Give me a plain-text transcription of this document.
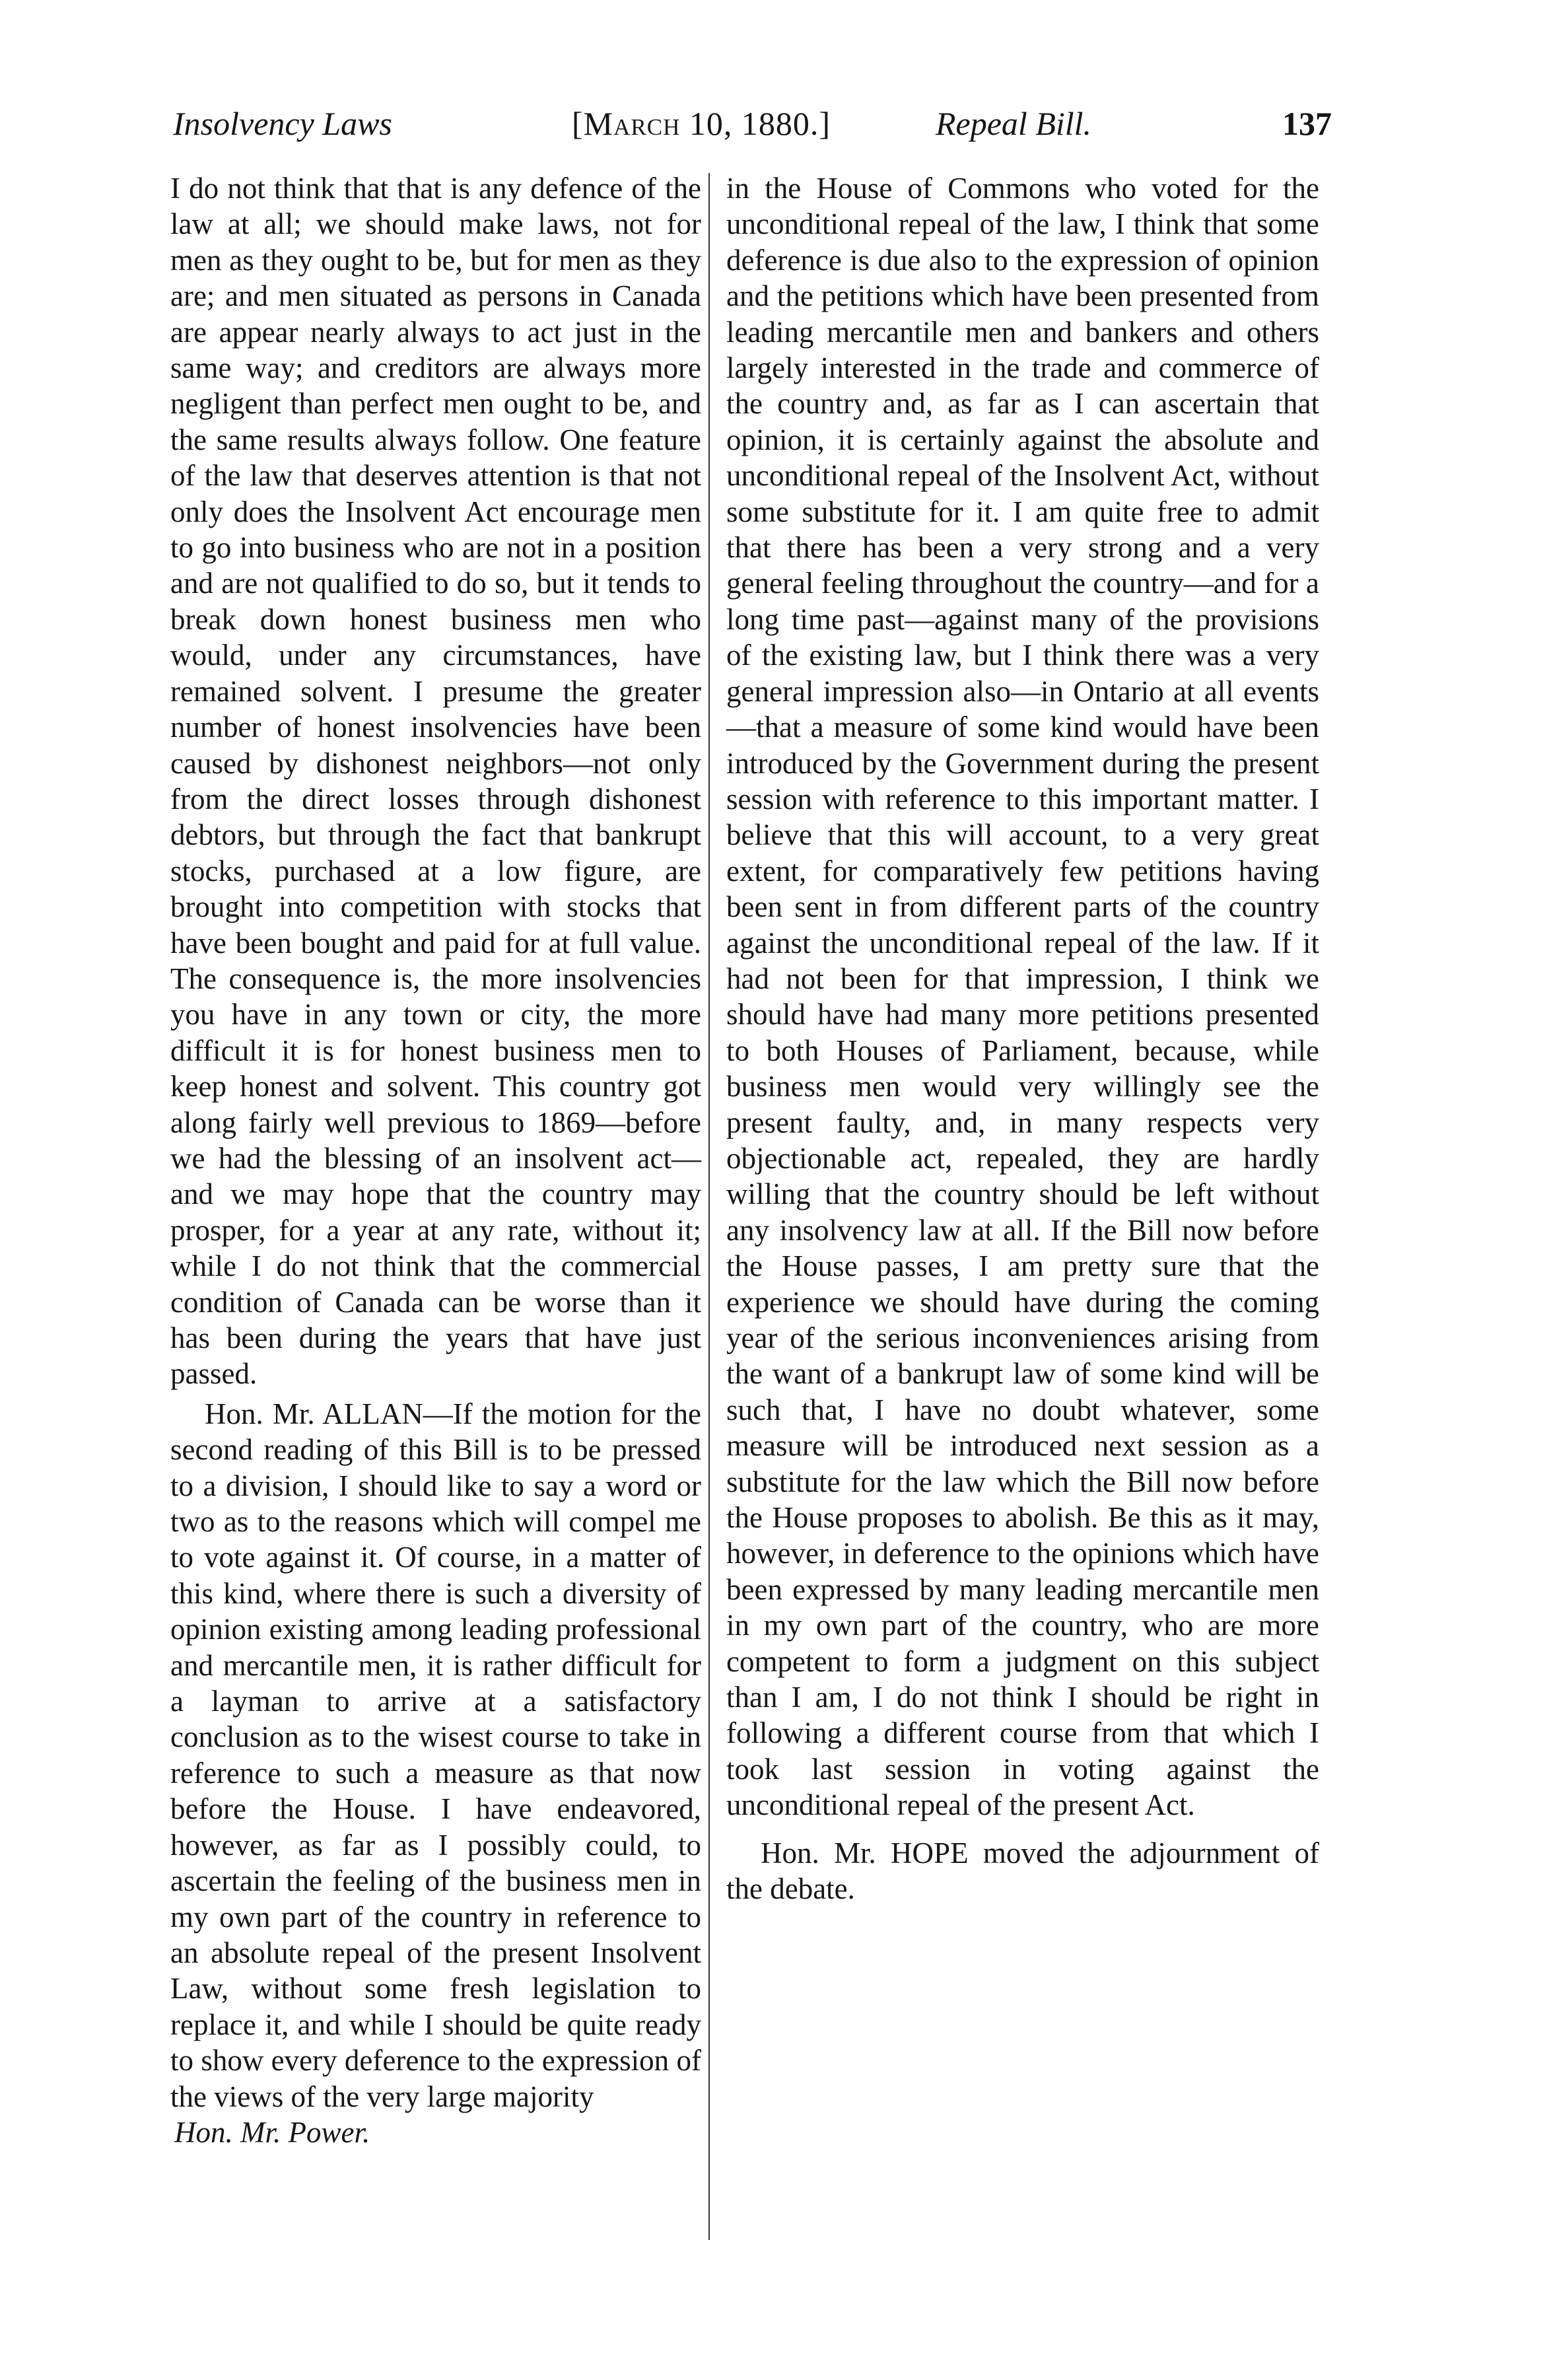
Insolvency Laws	[March 10, 1880.]	Repeal Bill.	137

I do not think that that is any defence of the law at all; we should make laws, not for men as they ought to be, but for men as they are; and men situated as persons in Canada are appear nearly always to act just in the same way; and creditors are always more negligent than perfect men ought to be, and the same results always follow. One feature of the law that deserves attention is that not only does the Insolvent Act encourage men to go into business who are not in a position and are not qualified to do so, but it tends to break down honest business men who would, under any circumstances, have remained solvent. I presume the greater number of honest insolvencies have been caused by dishonest neighbors—not only from the direct losses through dishonest debtors, but through the fact that bankrupt stocks, purchased at a low figure, are brought into competition with stocks that have been bought and paid for at full value. The consequence is, the more insolvencies you have in any town or city, the more difficult it is for honest business men to keep honest and solvent. This country got along fairly well previous to 1869—before we had the blessing of an insolvent act—and we may hope that the country may prosper, for a year at any rate, without it; while I do not think that the commercial condition of Canada can be worse than it has been during the years that have just passed.

Hon. Mr. ALLAN—If the motion for the second reading of this Bill is to be pressed to a division, I should like to say a word or two as to the reasons which will compel me to vote against it. Of course, in a matter of this kind, where there is such a diversity of opinion existing among leading professional and mercantile men, it is rather difficult for a layman to arrive at a satisfactory conclusion as to the wisest course to take in reference to such a measure as that now before the House. I have endeavored, however, as far as I possibly could, to ascertain the feeling of the business men in my own part of the country in reference to an absolute repeal of the present Insolvent Law, without some fresh legislation to replace it, and while I should be quite ready to show every deference to the expression of the views of the very large majority

Hon. Mr. Power.

in the House of Commons who voted for the unconditional repeal of the law, I think that some deference is due also to the expression of opinion and the petitions which have been presented from leading mercantile men and bankers and others largely interested in the trade and commerce of the country and, as far as I can ascertain that opinion, it is certainly against the absolute and unconditional repeal of the Insolvent Act, without some substitute for it. I am quite free to admit that there has been a very strong and a very general feeling throughout the country—and for a long time past—against many of the provisions of the existing law, but I think there was a very general impression also—in Ontario at all events—that a measure of some kind would have been introduced by the Government during the present session with reference to this important matter. I believe that this will account, to a very great extent, for comparatively few petitions having been sent in from different parts of the country against the unconditional repeal of the law. If it had not been for that impression, I think we should have had many more petitions presented to both Houses of Parliament, because, while business men would very willingly see the present faulty, and, in many respects very objectionable act, repealed, they are hardly willing that the country should be left without any insolvency law at all. If the Bill now before the House passes, I am pretty sure that the experience we should have during the coming year of the serious inconveniences arising from the want of a bankrupt law of some kind will be such that, I have no doubt whatever, some measure will be introduced next session as a substitute for the law which the Bill now before the House proposes to abolish. Be this as it may, however, in deference to the opinions which have been expressed by many leading mercantile men in my own part of the country, who are more competent to form a judgment on this subject than I am, I do not think I should be right in following a different course from that which I took last session in voting against the unconditional repeal of the present Act.

Hon. Mr. HOPE moved the adjournment of the debate.
